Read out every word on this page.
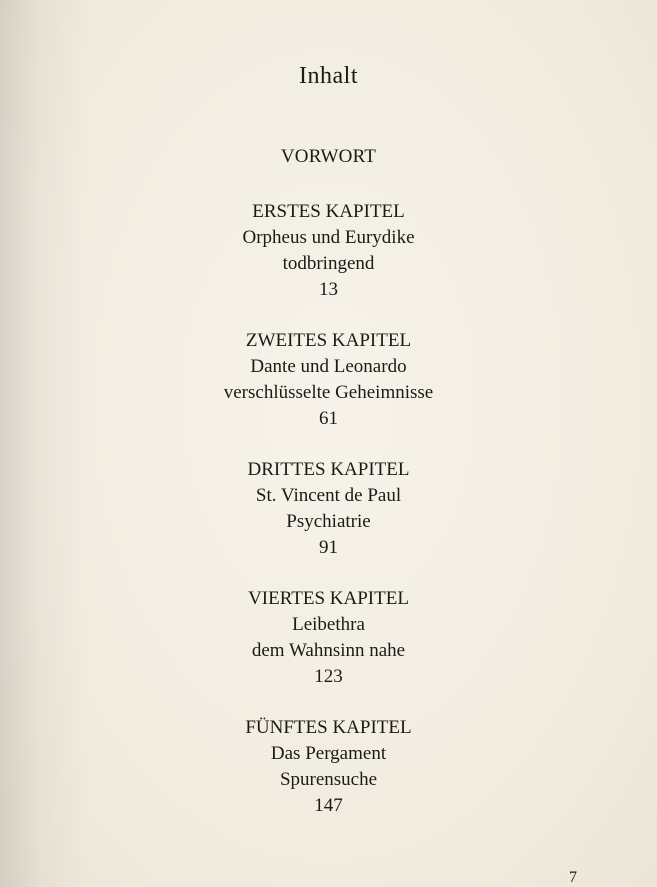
Inhalt
VORWORT
ERSTES KAPITEL
Orpheus und Eurydike
todbringend
13
ZWEITES KAPITEL
Dante und Leonardo
verschlüsselte Geheimnisse
61
DRITTES KAPITEL
St. Vincent de Paul
Psychiatrie
91
VIERTES KAPITEL
Leibethra
dem Wahnsinn nahe
123
FÜNFTES KAPITEL
Das Pergament
Spurensuche
147
7
